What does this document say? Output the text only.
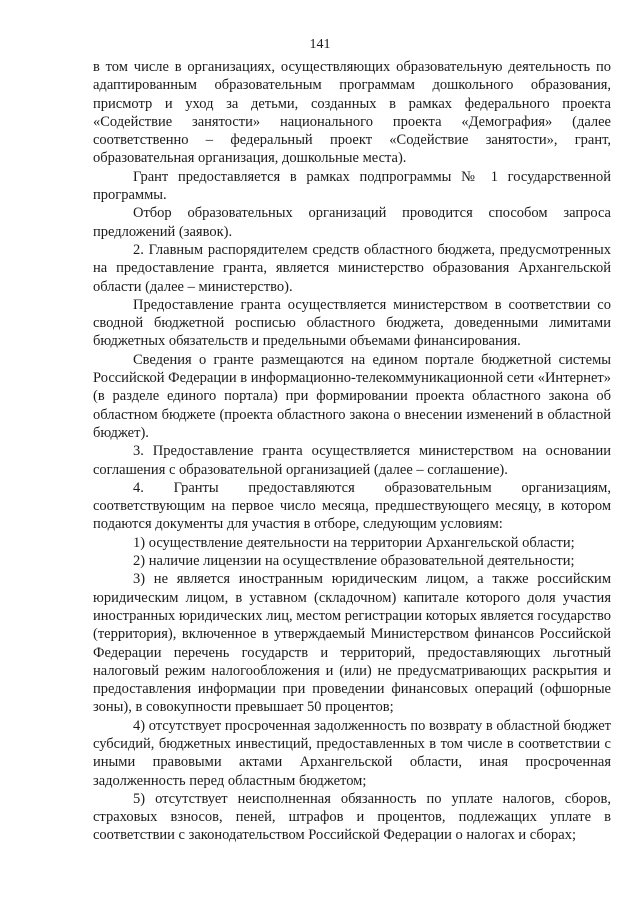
141

в том числе в организациях, осуществляющих образовательную деятельность по адаптированным образовательным программам дошкольного образования, присмотр и уход за детьми, созданных в рамках федерального проекта «Содействие занятости» национального проекта «Демография» (далее соответственно – федеральный проект «Содействие занятости», грант, образовательная организация, дошкольные места).

Грант предоставляется в рамках подпрограммы № 1 государственной программы.

Отбор образовательных организаций проводится способом запроса предложений (заявок).

2. Главным распорядителем средств областного бюджета, предусмотренных на предоставление гранта, является министерство образования Архангельской области (далее – министерство).

Предоставление гранта осуществляется министерством в соответствии со сводной бюджетной росписью областного бюджета, доведенными лимитами бюджетных обязательств и предельными объемами финансирования.

Сведения о гранте размещаются на едином портале бюджетной системы Российской Федерации в информационно-телекоммуникационной сети «Интернет» (в разделе единого портала) при формировании проекта областного закона об областном бюджете (проекта областного закона о внесении изменений в областной бюджет).

3. Предоставление гранта осуществляется министерством на основании соглашения с образовательной организацией (далее – соглашение).

4. Гранты предоставляются образовательным организациям, соответствующим на первое число месяца, предшествующего месяцу, в котором подаются документы для участия в отборе, следующим условиям:

1) осуществление деятельности на территории Архангельской области;

2) наличие лицензии на осуществление образовательной деятельности;

3) не является иностранным юридическим лицом, а также российским юридическим лицом, в уставном (складочном) капитале которого доля участия иностранных юридических лиц, местом регистрации которых является государство (территория), включенное в утверждаемый Министерством финансов Российской Федерации перечень государств и территорий, предоставляющих льготный налоговый режим налогообложения и (или) не предусматривающих раскрытия и предоставления информации при проведении финансовых операций (офшорные зоны), в совокупности превышает 50 процентов;

4) отсутствует просроченная задолженность по возврату в областной бюджет субсидий, бюджетных инвестиций, предоставленных в том числе в соответствии с иными правовыми актами Архангельской области, иная просроченная задолженность перед областным бюджетом;

5) отсутствует неисполненная обязанность по уплате налогов, сборов, страховых взносов, пеней, штрафов и процентов, подлежащих уплате в соответствии с законодательством Российской Федерации о налогах и сборах;
